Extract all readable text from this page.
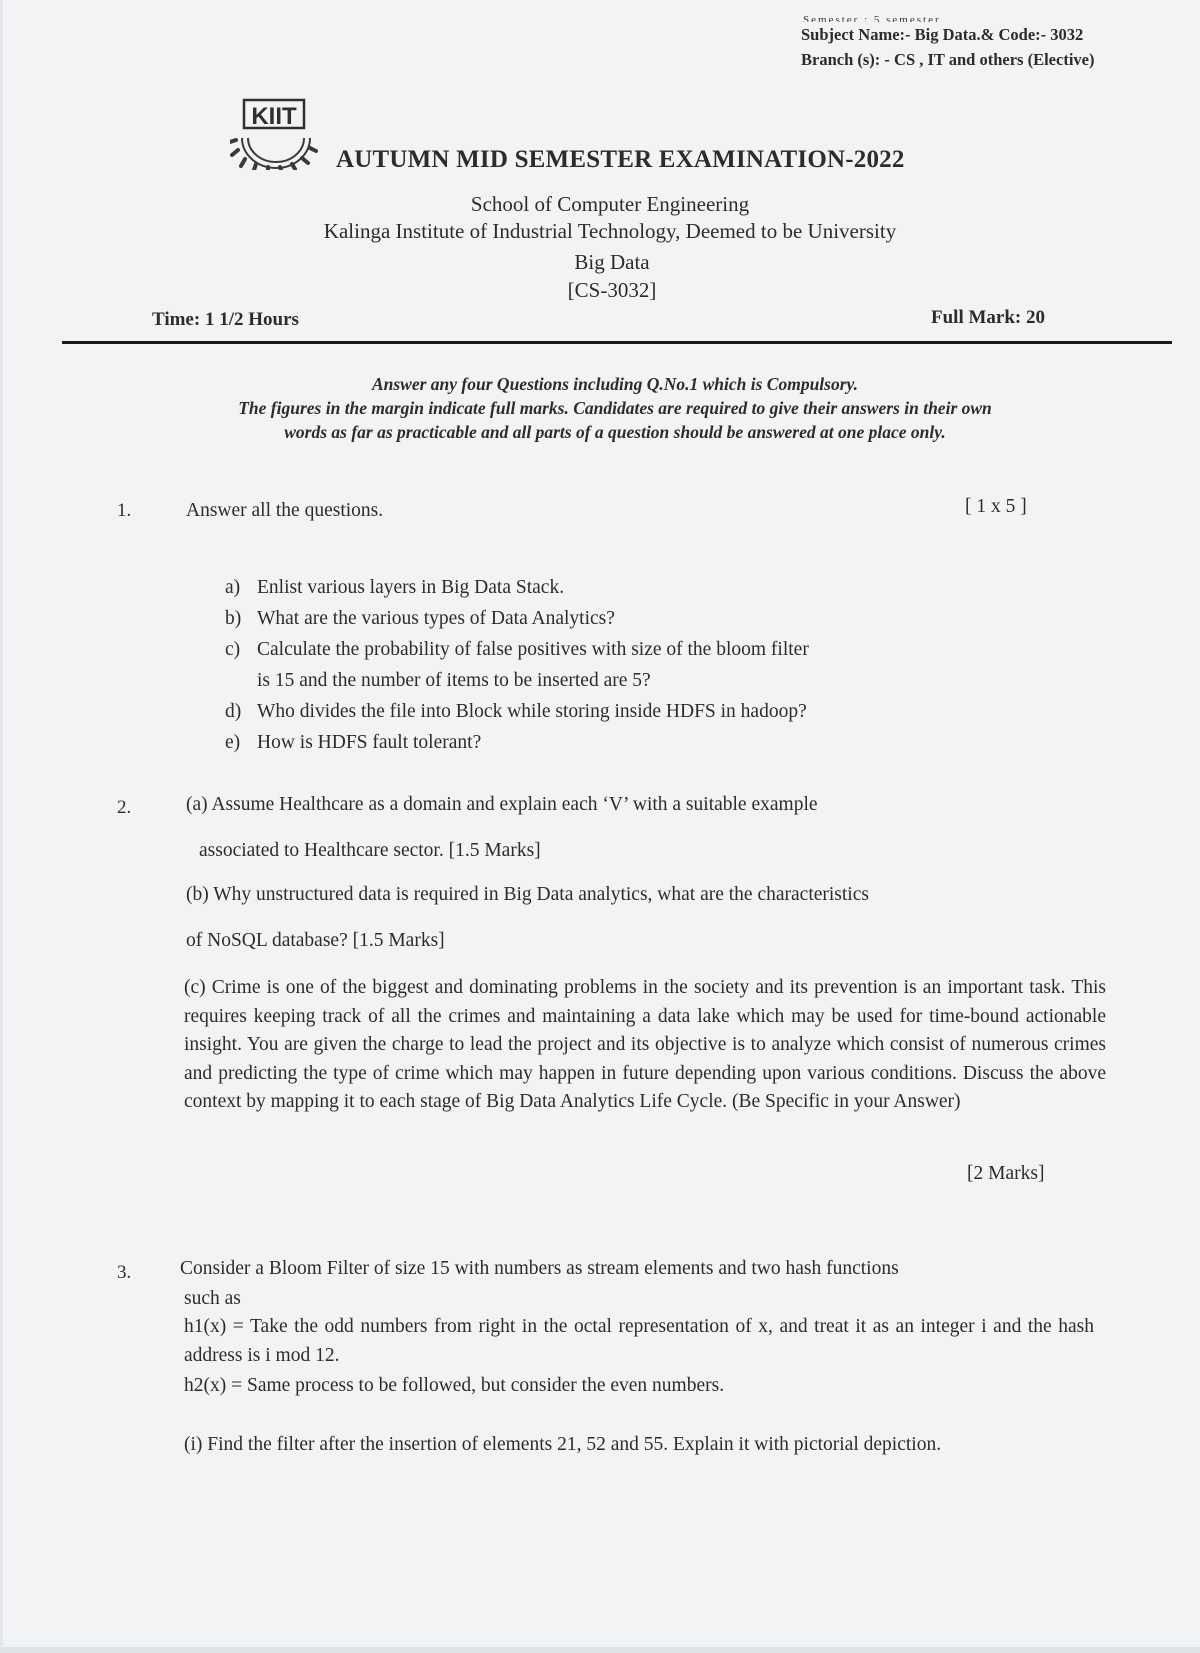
Semester : 5 semester
Subject Name:- Big Data.& Code:- 3032
Branch (s): - CS , IT and others (Elective)
KIIT
AUTUMN MID SEMESTER EXAMINATION-2022
School of Computer Engineering
Kalinga Institute of Industrial Technology, Deemed to be University
Big Data
[CS-3032]
Time: 1 1/2 Hours	Full Mark: 20
Answer any four Questions including Q.No.1 which is Compulsory.
The figures in the margin indicate full marks. Candidates are required to give their answers in their own
words as far as practicable and all parts of a question should be answered at one place only.
1.	Answer all the questions.	[ 1 x 5 ]
a) Enlist various layers in Big Data Stack.
b) What are the various types of Data Analytics?
c) Calculate the probability of false positives with size of the bloom filter
is 15 and the number of items to be inserted are 5?
d) Who divides the file into Block while storing inside HDFS in hadoop?
e) How is HDFS fault tolerant?
2.	(a) Assume Healthcare as a domain and explain each ‘V’ with a suitable example
associated to Healthcare sector. [1.5 Marks]
(b) Why unstructured data is required in Big Data analytics, what are the characteristics
of NoSQL database? [1.5 Marks]
(c) Crime is one of the biggest and dominating problems in the society and its prevention is an important task. This requires keeping track of all the crimes and maintaining a data lake which may be used for time-bound actionable insight. You are given the charge to lead the project and its objective is to analyze which consist of numerous crimes and predicting the type of crime which may happen in future depending upon various conditions. Discuss the above context by mapping it to each stage of Big Data Analytics Life Cycle. (Be Specific in your Answer)
[2 Marks]
3.	Consider a Bloom Filter of size 15 with numbers as stream elements and two hash functions
such as
h1(x) = Take the odd numbers from right in the octal representation of x, and treat it as an integer i and the hash address is i mod 12.
h2(x) = Same process to be followed, but consider the even numbers.
(i) Find the filter after the insertion of elements 21, 52 and 55. Explain it with pictorial depiction.
